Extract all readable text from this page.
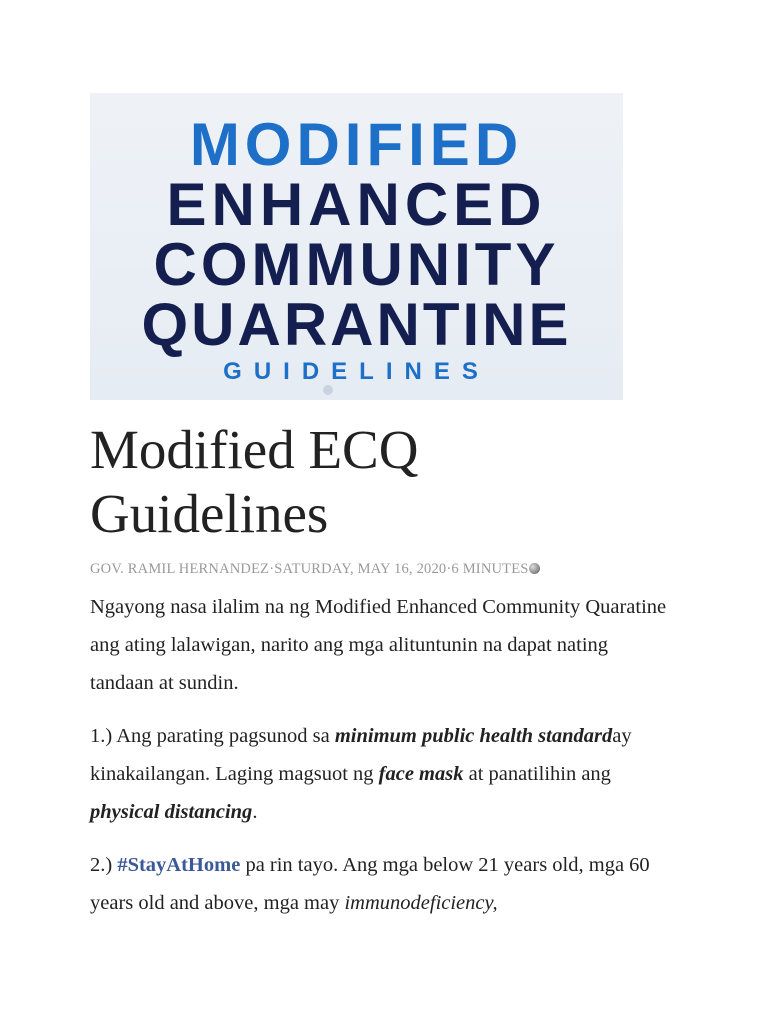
MODIFIED
ENHANCED
COMMUNITY
QUARANTINE
GUIDELINES
Modified ECQ Guidelines
GOV. RAMIL HERNANDEZ·SATURDAY, MAY 16, 2020·6 MINUTES

Ngayong nasa ilalim na ng Modified Enhanced Community Quaratine ang ating lalawigan, narito ang mga alituntunin na dapat nating tandaan at sundin.

1.) Ang parating pagsunod sa minimum public health standarday kinakailangan. Laging magsuot ng face mask at panatilihin ang physical distancing.

2.) #StayAtHome pa rin tayo. Ang mga below 21 years old, mga 60 years old and above, mga may immunodeficiency,
